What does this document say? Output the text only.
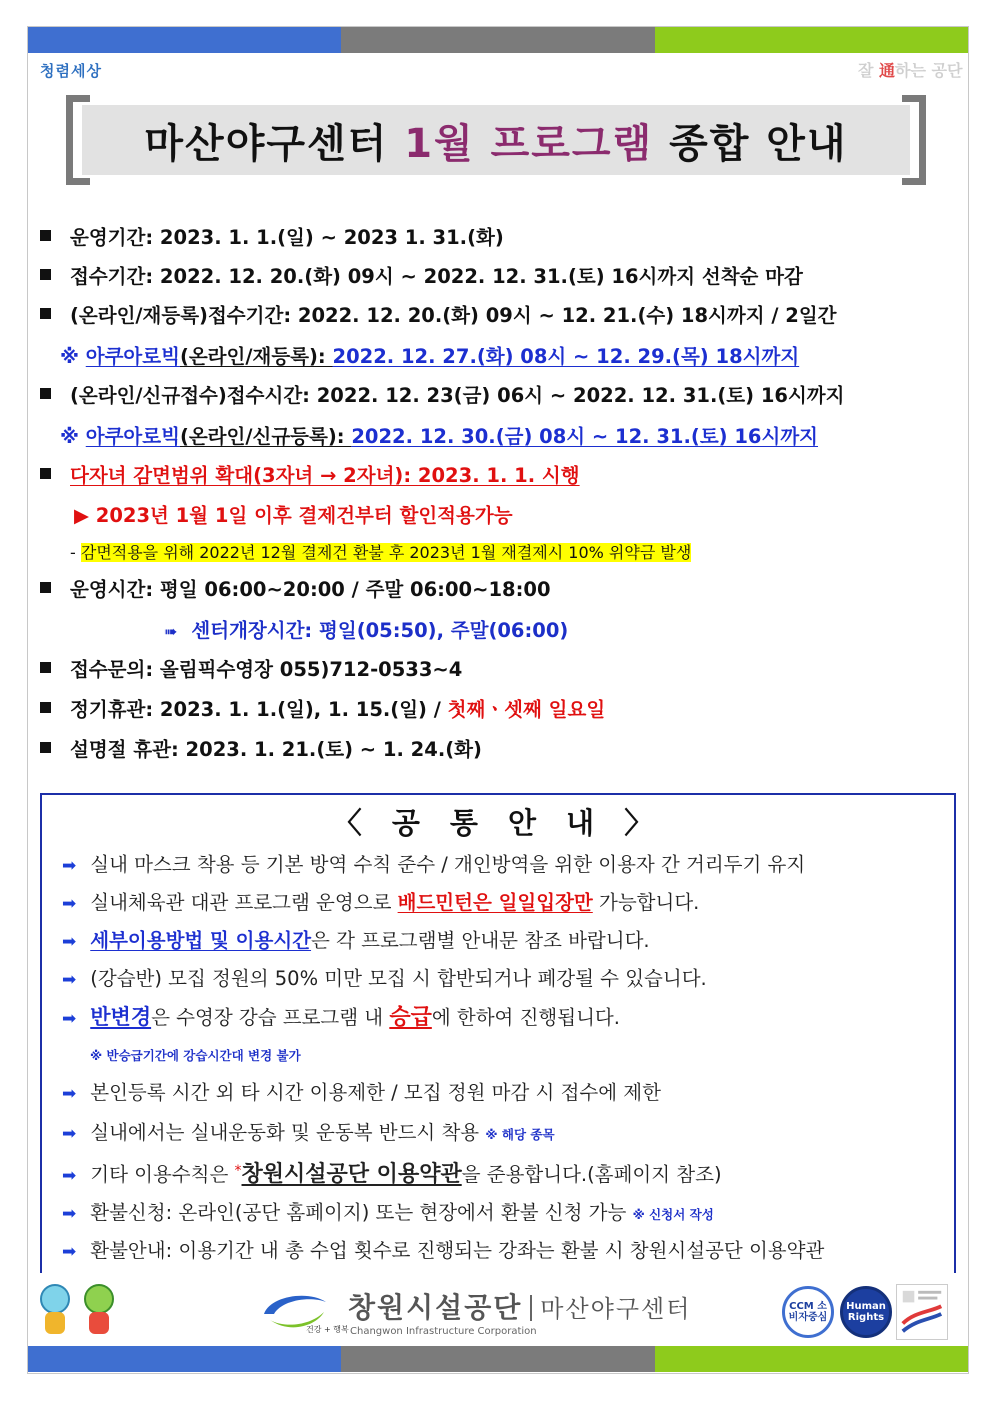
청렴세상	잘 通하는 공단
마산야구센터 1월 프로그램 종합 안내
운영기간: 2023. 1. 1.(일) ~ 2023 1. 31.(화)
접수기간: 2022. 12. 20.(화) 09시 ~ 2022. 12. 31.(토) 16시까지 선착순 마감
(온라인/재등록)접수기간: 2022. 12. 20.(화) 09시 ~ 12. 21.(수) 18시까지 / 2일간
※ 아쿠아로빅(온라인/재등록): 2022. 12. 27.(화) 08시 ~ 12. 29.(목) 18시까지
(온라인/신규접수)접수시간: 2022. 12. 23(금) 06시 ~ 2022. 12. 31.(토) 16시까지
※ 아쿠아로빅(온라인/신규등록): 2022. 12. 30.(금) 08시 ~ 12. 31.(토) 16시까지
다자녀 감면범위 확대(3자녀 → 2자녀): 2023. 1. 1. 시행
▶ 2023년 1월 1일 이후 결제건부터 할인적용가능
- 감면적용을 위해 2022년 12월 결제건 환불 후 2023년 1월 재결제시 10% 위약금 발생
운영시간: 평일 06:00~20:00 / 주말 06:00~18:00
➠ 센터개장시간: 평일(05:50), 주말(06:00)
접수문의: 올림픽수영장 055)712-0533~4
정기휴관: 2023. 1. 1.(일), 1. 15.(일) / 첫째ㆍ셋째 일요일
설명절 휴관: 2023. 1. 21.(토) ~ 1. 24.(화)
〈 공 통 안 내 〉
➡ 실내 마스크 착용 등 기본 방역 수칙 준수 / 개인방역을 위한 이용자 간 거리두기 유지
➡ 실내체육관 대관 프로그램 운영으로 배드민턴은 일일입장만 가능합니다.
➡ 세부이용방법 및 이용시간은 각 프로그램별 안내문 참조 바랍니다.
➡ (강습반) 모집 정원의 50% 미만 모집 시 합반되거나 폐강될 수 있습니다.
➡ 반변경은 수영장 강습 프로그램 내 승급에 한하여 진행됩니다.
※ 반승급기간에 강습시간대 변경 불가
➡ 본인등록 시간 외 타 시간 이용제한 / 모집 정원 마감 시 접수에 제한
➡ 실내에서는 실내운동화 및 운동복 반드시 착용 ※ 해당 종목
➡ 기타 이용수칙은 *창원시설공단 이용약관을 준용합니다.(홈페이지 참조)
➡ 환불신청: 온라인(공단 홈페이지) 또는 현장에서 환불 신청 가능 ※ 신청서 작성
➡ 환불안내: 이용기간 내 총 수업 횟수로 진행되는 강좌는 환불 시 창원시설공단 이용약관
건강 + 행복
창원시설공단 마산야구센터
Changwon Infrastructure Corporation
CCM 소비자중심
Human Rights
